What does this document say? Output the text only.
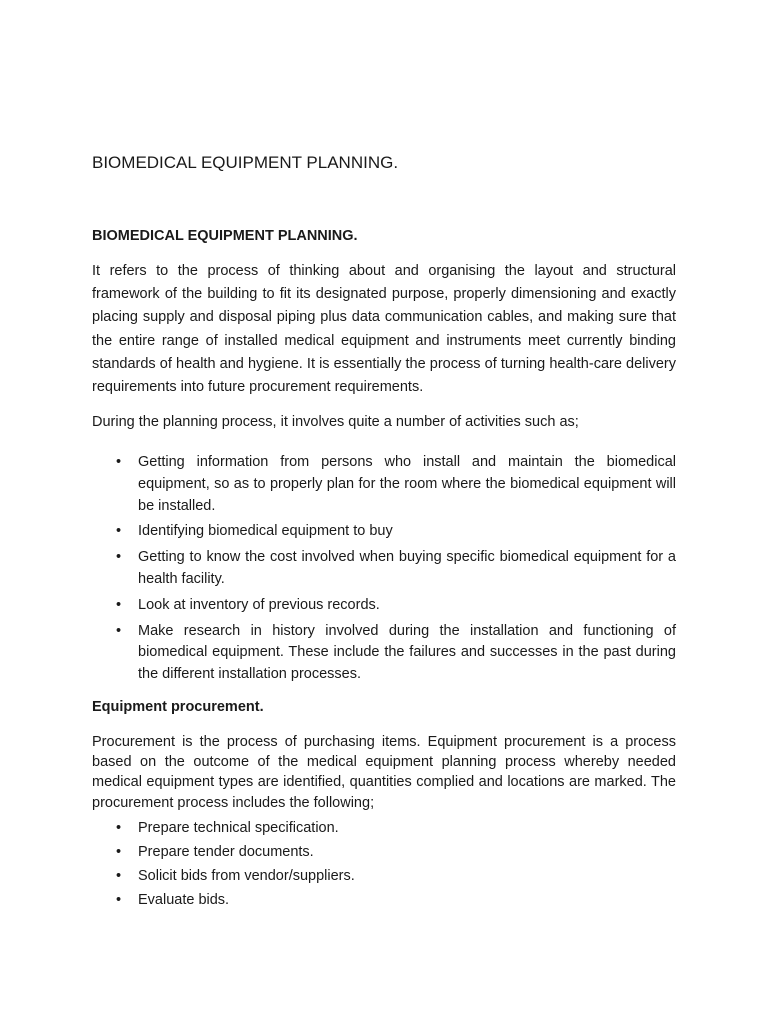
BIOMEDICAL EQUIPMENT PLANNING.
BIOMEDICAL EQUIPMENT PLANNING.

It refers to the process of thinking about and organising the layout and structural framework of the building to fit its designated purpose, properly dimensioning and exactly placing supply and disposal piping plus data communication cables, and making sure that the entire range of installed medical equipment and instruments meet currently binding standards of health and hygiene. It is essentially the process of turning health-care delivery requirements into future procurement requirements.

During the planning process, it involves quite a number of activities such as;

• Getting information from persons who install and maintain the biomedical equipment, so as to properly plan for the room where the biomedical equipment will be installed.
• Identifying biomedical equipment to buy
• Getting to know the cost involved when buying specific biomedical equipment for a health facility.
• Look at inventory of previous records.
• Make research in history involved during the installation and functioning of biomedical equipment. These include the failures and successes in the past during the different installation processes.
Equipment procurement.

Procurement is the process of purchasing items. Equipment procurement is a process based on the outcome of the medical equipment planning process whereby needed medical equipment types are identified, quantities complied and locations are marked. The procurement process includes the following;

• Prepare technical specification.
• Prepare tender documents.
• Solicit bids from vendor/suppliers.
• Evaluate bids.
